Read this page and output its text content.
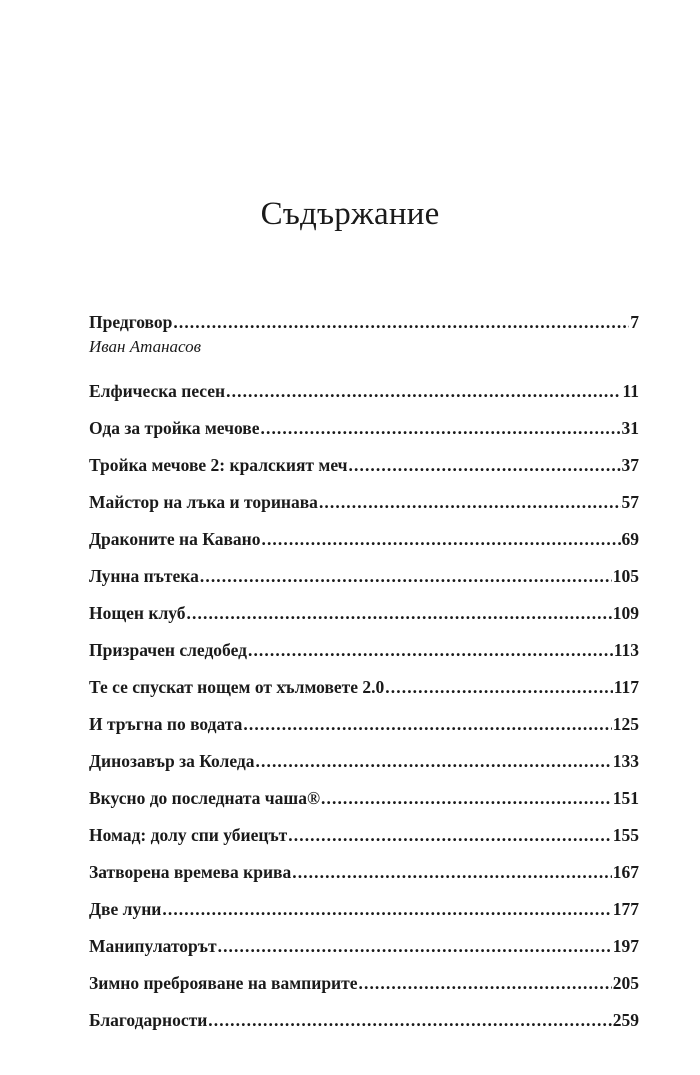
Съдържание
Предговор .....	7
Иван Атанасов
Елфическа песен .....	11
Ода за тройка мечове .....	31
Тройка мечове 2: кралският меч .....	37
Майстор на лъка и торинава .....	57
Драконите на Кавано .....	69
Лунна пътека .....	105
Нощен клуб .....	109
Призрачен следобед .....	113
Те се спускат нощем от хълмовете 2.0 .....	117
И тръгна по водата .....	125
Динозавър за Коледа .....	133
Вкусно до последната чаша® .....	151
Номад: долу спи убиецът .....	155
Затворена времева крива .....	167
Две луни .....	177
Манипулаторът .....	197
Зимно преброяване на вампирите .....	205
Благодарности .....	259
